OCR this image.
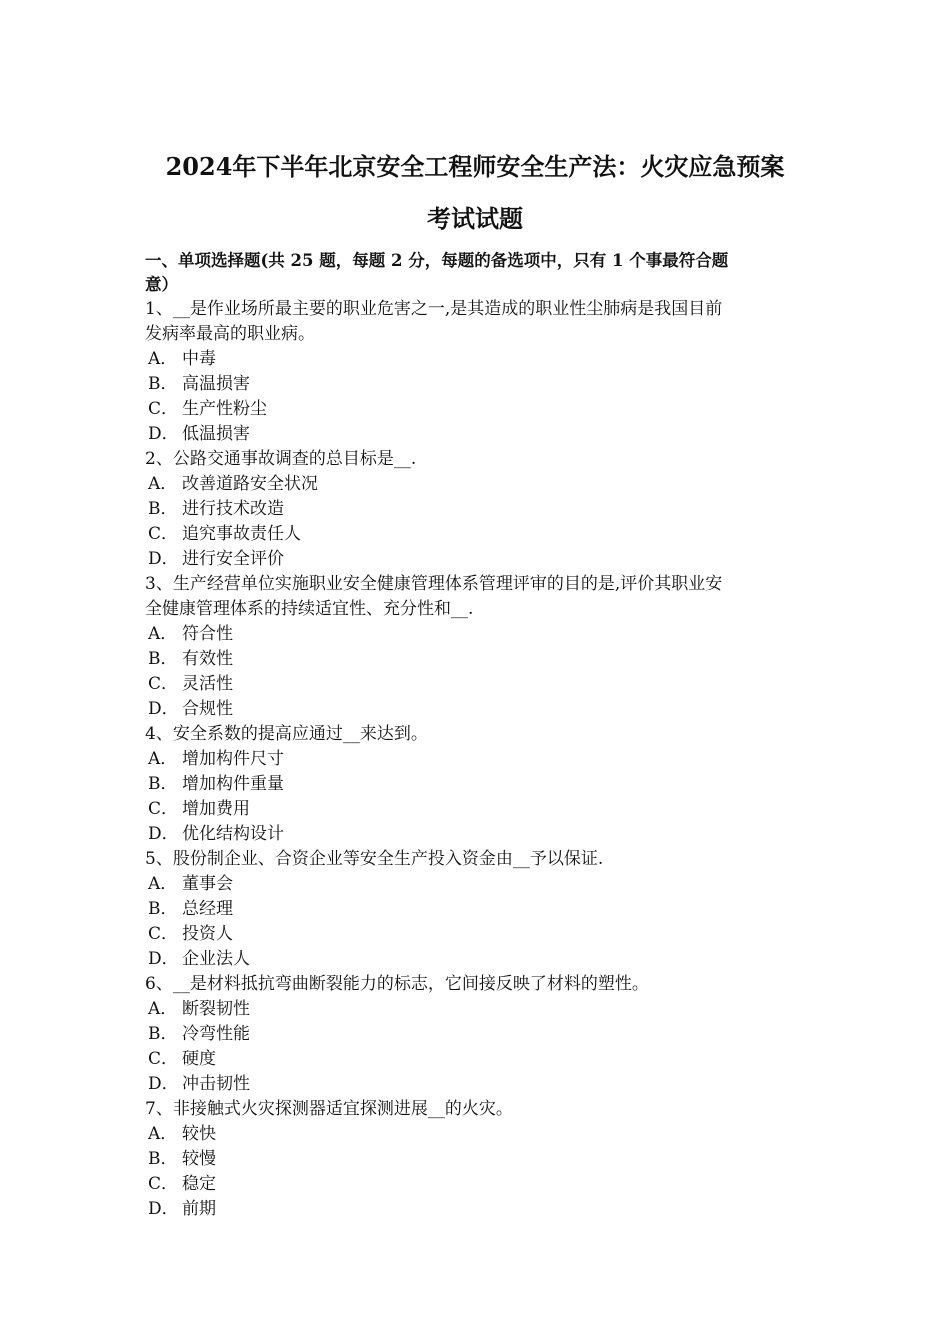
2024年下半年北京安全工程师安全生产法：火灾应急预案
考试试题
一、单项选择题(共 25 题，每题 2 分，每题的备选项中，只有 1 个事最符合题
意）
1、__是作业场所最主要的职业危害之一,是其造成的职业性尘肺病是我国目前
发病率最高的职业病。
A． 中毒
B． 高温损害
C． 生产性粉尘
D． 低温损害
2、公路交通事故调查的总目标是__.
A． 改善道路安全状况
B． 进行技术改造
C． 追究事故责任人
D． 进行安全评价
3、生产经营单位实施职业安全健康管理体系管理评审的目的是,评价其职业安
全健康管理体系的持续适宜性、充分性和__.
A． 符合性
B． 有效性
C． 灵活性
D． 合规性
4、安全系数的提高应通过__来达到。
A． 增加构件尺寸
B． 增加构件重量
C． 增加费用
D． 优化结构设计
5、股份制企业、合资企业等安全生产投入资金由__予以保证.
A． 董事会
B． 总经理
C． 投资人
D． 企业法人
6、__是材料抵抗弯曲断裂能力的标志，它间接反映了材料的塑性。
A． 断裂韧性
B． 冷弯性能
C． 硬度
D． 冲击韧性
7、非接触式火灾探测器适宜探测进展__的火灾。
A． 较快
B． 较慢
C． 稳定
D． 前期
